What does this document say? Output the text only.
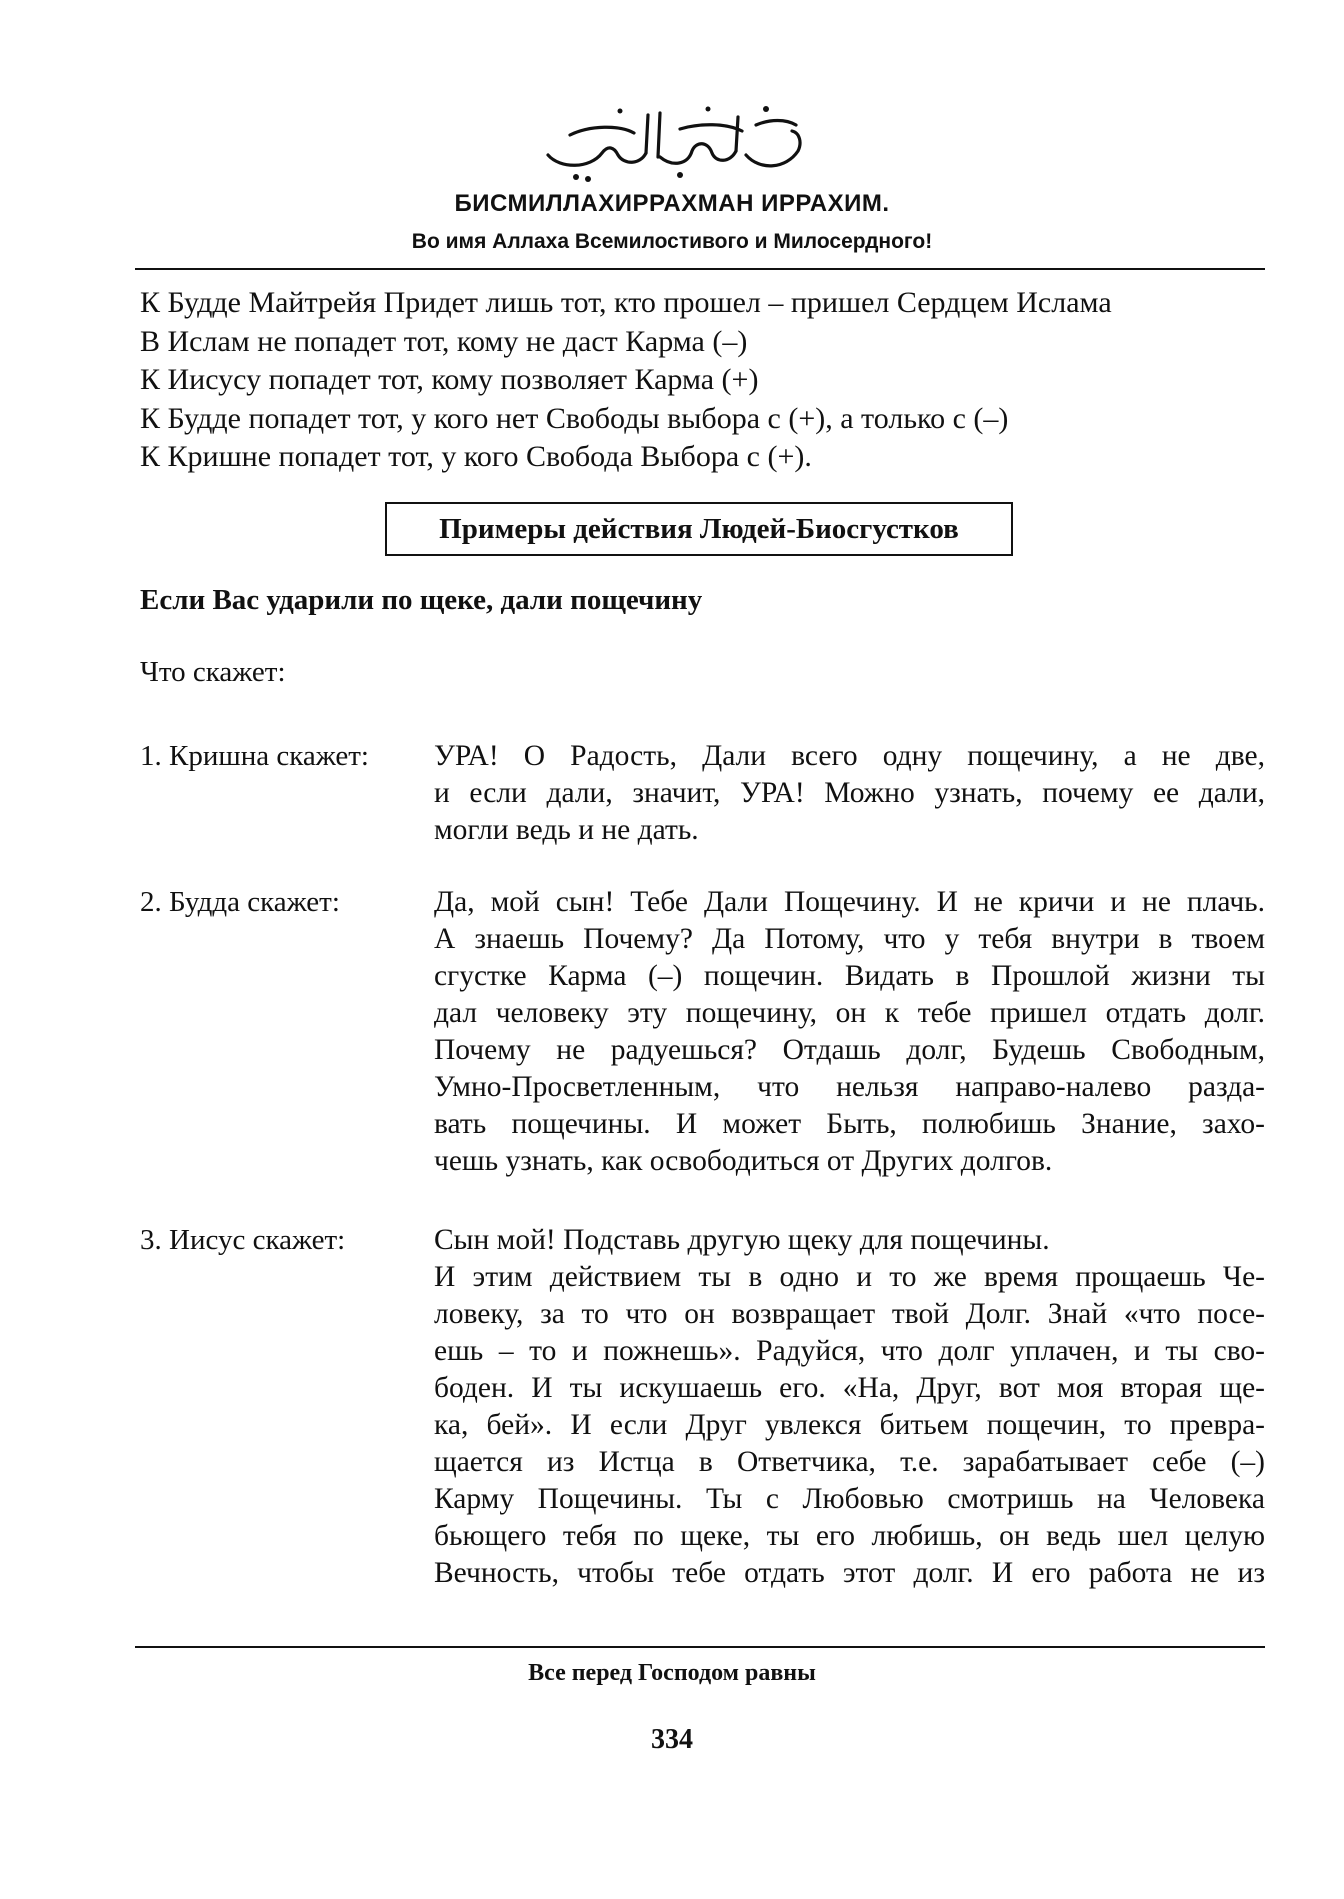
БИСМИЛЛАХИРРАХМАН ИРРАХИМ.
Во имя Аллаха Всемилостивого и Милосердного!
К Будде Майтрейя Придет лишь тот, кто прошел – пришел Сердцем Ислама
В Ислам не попадет тот, кому не даст Карма (–)
К Иисусу попадет тот, кому позволяет Карма (+)
К Будде попадет тот, у кого нет Свободы выбора с (+), а только с (–)
К Кришне попадет тот, у кого Свобода Выбора с (+).
Примеры действия Людей-Биосгустков
Если Вас ударили по щеке, дали пощечину
Что скажет:
1. Кришна скажет: УРА! О Радость, Дали всего одну пощечину, а не две,
и если дали, значит, УРА! Можно узнать, почему ее дали,
могли ведь и не дать.
2. Будда скажет:	Да, мой сын! Тебе Дали Пощечину. И не кричи и не плачь.
А знаешь Почему? Да Потому, что у тебя внутри в твоем
сгустке Карма (–) пощечин. Видать в Прошлой жизни ты
дал человеку эту пощечину, он к тебе пришел отдать долг.
Почему не радуешься? Отдашь долг, Будешь Свободным,
Умно-Просветленным, что нельзя направо-налево разда-
вать пощечины. И может Быть, полюбишь Знание, захо-
чешь узнать, как освободиться от Других долгов.
3. Иисус скажет:	Сын мой! Подставь другую щеку для пощечины.
И этим действием ты в одно и то же время прощаешь Че-
ловеку, за то что он возвращает твой Долг. Знай «что посе-
ешь – то и пожнешь». Радуйся, что долг уплачен, и ты сво-
боден. И ты искушаешь его. «На, Друг, вот моя вторая ще-
ка, бей». И если Друг увлекся битьем пощечин, то превра-
щается из Истца в Ответчика, т.е. зарабатывает себе (–)
Карму Пощечины. Ты с Любовью смотришь на Человека
бьющего тебя по щеке, ты его любишь, он ведь шел целую
Вечность, чтобы тебе отдать этот долг. И его работа не из
Все перед Господом равны
334
